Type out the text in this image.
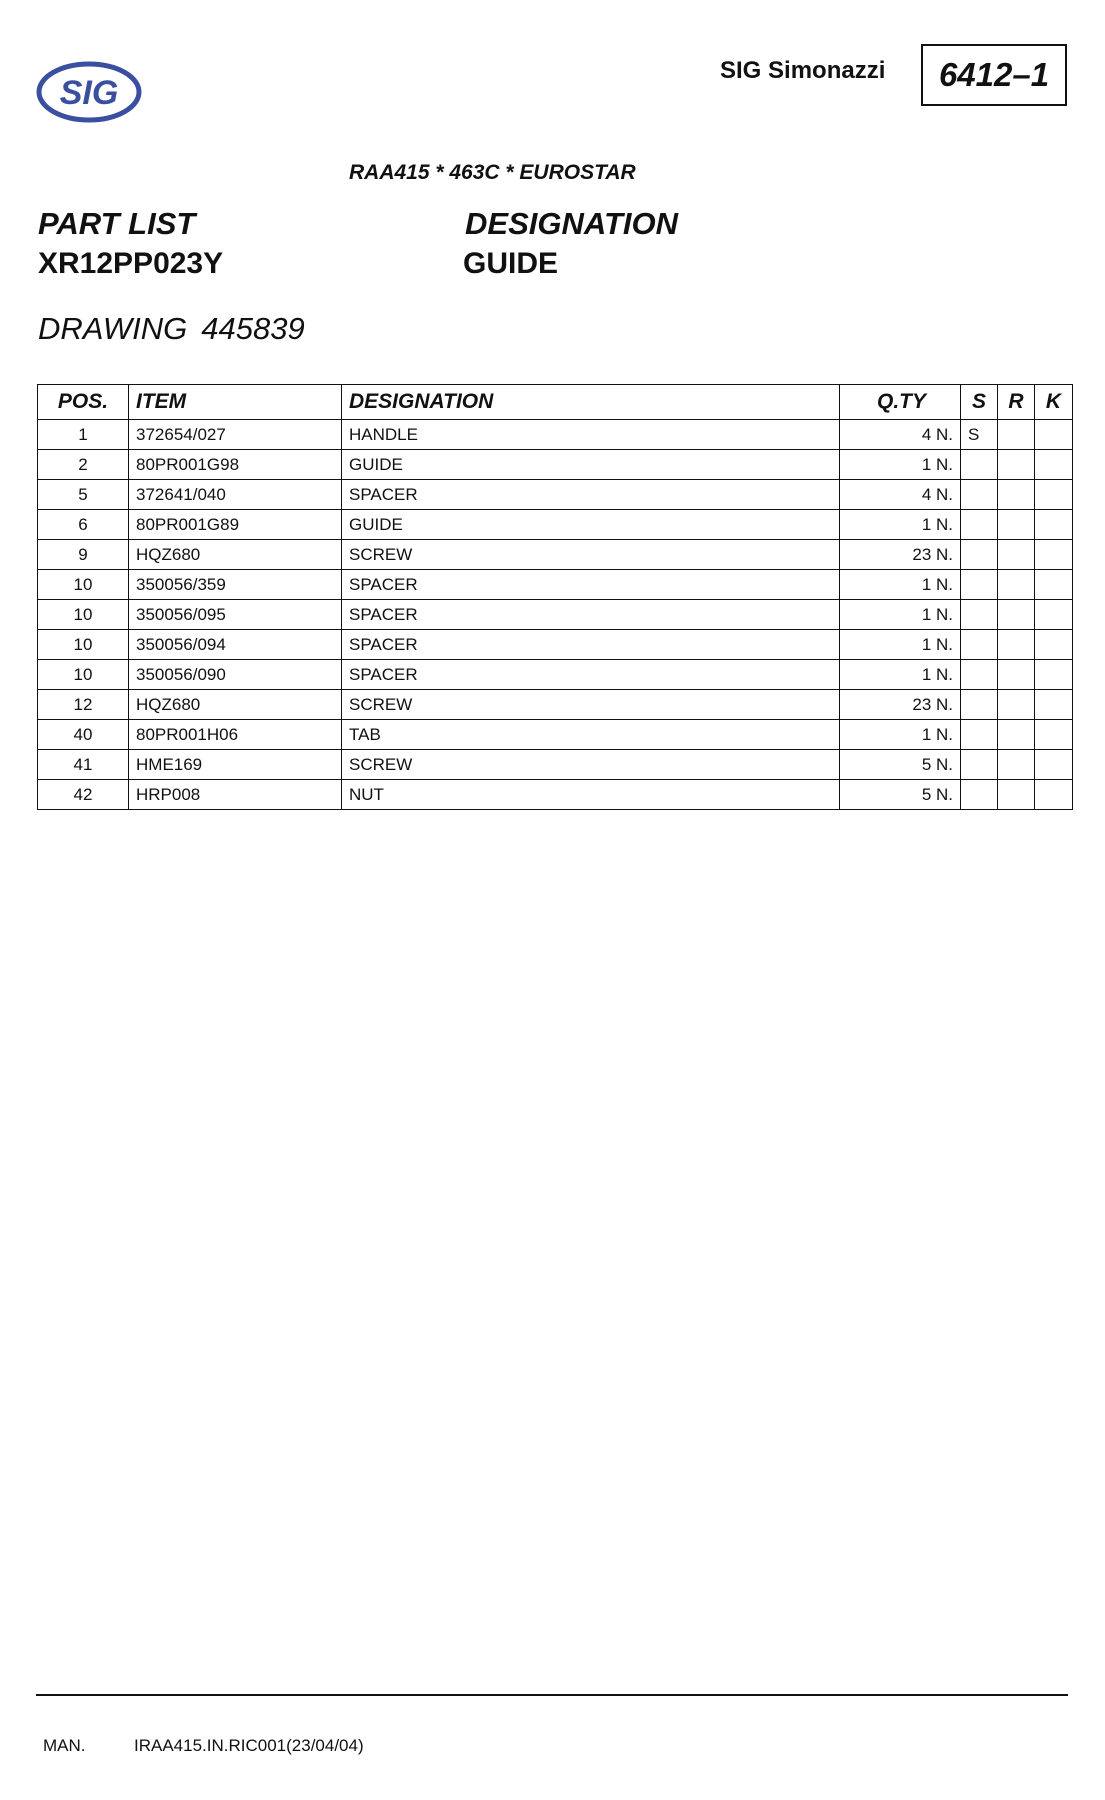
SIG
SIG Simonazzi 6412–1
RAA415 * 463C * EUROSTAR
PART LIST
XR12PP023Y
DESIGNATION
GUIDE
DRAWING 445839
POS.	ITEM	DESIGNATION	Q.TY	S	R	K
1	372654/027	HANDLE	4 N.	S		
2	80PR001G98	GUIDE	1 N.			
5	372641/040	SPACER	4 N.			
6	80PR001G89	GUIDE	1 N.			
9	HQZ680	SCREW	23 N.			
10	350056/359	SPACER	1 N.			
10	350056/095	SPACER	1 N.			
10	350056/094	SPACER	1 N.			
10	350056/090	SPACER	1 N.			
12	HQZ680	SCREW	23 N.			
40	80PR001H06	TAB	1 N.			
41	HME169	SCREW	5 N.			
42	HRP008	NUT	5 N.			
MAN.	IRAA415.IN.RIC001(23/04/04)
